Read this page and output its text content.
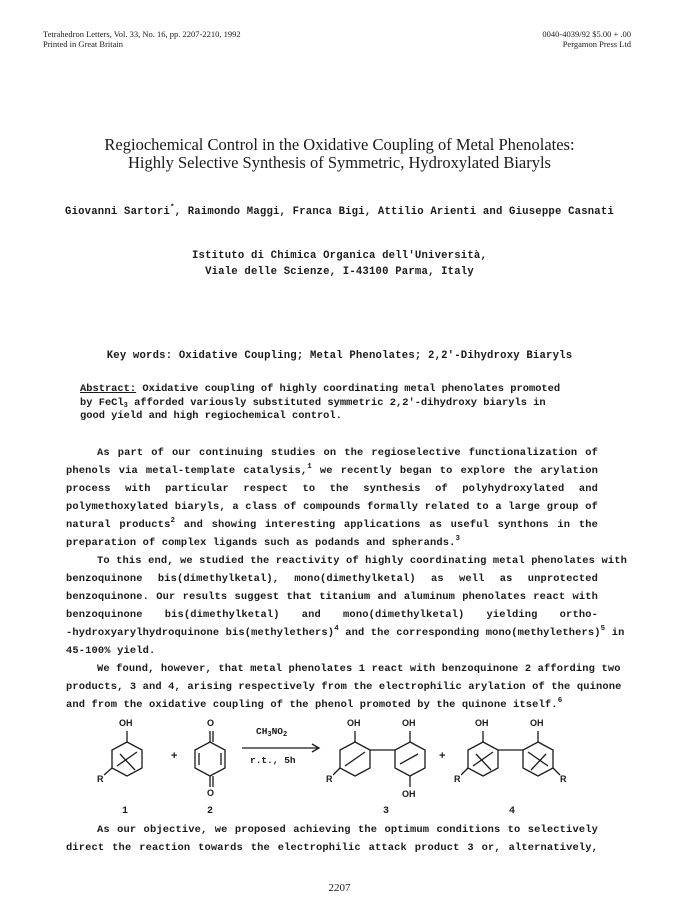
Tetrahedron Letters, Vol. 33, No. 16, pp. 2207-2210, 1992
Printed in Great Britain
0040-4039/92 $5.00 + .00
Pergamon Press Ltd
Regiochemical Control in the Oxidative Coupling of Metal Phenolates:
Highly Selective Synthesis of Symmetric, Hydroxylated Biaryls
Giovanni Sartori*, Raimondo Maggi, Franca Bigi, Attilio Arienti and Giuseppe Casnati
Istituto di Chimica Organica dell'Università,
Viale delle Scienze, I-43100 Parma, Italy
Key words: Oxidative Coupling; Metal Phenolates; 2,2'-Dihydroxy Biaryls
Abstract: Oxidative coupling of highly coordinating metal phenolates promoted
by FeCl$_3$ afforded variously substituted symmetric 2,2'-dihydroxy biaryls in
good yield and high regiochemical control.
As part of our continuing studies on the regioselective functionalization of
phenols via metal-template catalysis,$^1$ we recently began to explore the arylation
process with particular respect to the synthesis of polyhydroxylated and
polymethoxylated biaryls, a class of compounds formally related to a large group of
natural products$^2$ and showing interesting applications as useful synthons in the
preparation of complex ligands such as podands and spherands.$^3$
To this end, we studied the reactivity of highly coordinating metal phenolates with
benzoquinone bis(dimethylketal), mono(dimethylketal) as well as unprotected
benzoquinone. Our results suggest that titanium and aluminum phenolates react with
benzoquinone bis(dimethylketal) and mono(dimethylketal) yielding ortho-
-hydroxyarylhydroquinone bis(methylethers)$^4$ and the corresponding mono(methylethers)$^5$ in
45-100% yield.
We found, however, that metal phenolates 1 react with benzoquinone 2 affording two
products, 3 and 4, arising respectively from the electrophilic arylation of the quinone
and from the oxidative coupling of the phenol promoted by the quinone itself.$^6$
OH
R
+
O
O
$CH_3NO_2$
r.t., 5h
OH	OH
R
OH
+
OH	OH
R	R
1	2	3	4
As our objective, we proposed achieving the optimum conditions to selectively
direct the reaction towards the electrophilic attack product 3 or, alternatively,
2207
